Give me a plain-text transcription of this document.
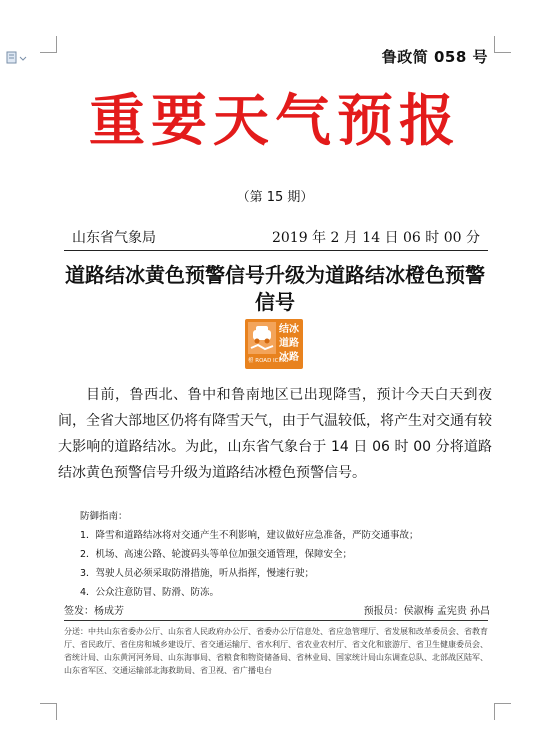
鲁政简 058 号
重要天气预报
（第 15 期）
山东省气象局	2019 年 2 月 14 日 06 时 00 分
道路结冰黄色预警信号升级为道路结冰橙色预警信号
结冰
道路
冰路
橙 ROAD ICING

目前，鲁西北、鲁中和鲁南地区已出现降雪，预计今天白天到夜间，全省大部地区仍将有降雪天气，由于气温较低，将产生对交通有较大影响的道路结冰。为此，山东省气象台于 14 日 06 时 00 分将道路结冰黄色预警信号升级为道路结冰橙色预警信号。

防御指南：
1．降雪和道路结冰将对交通产生不利影响，建议做好应急准备，严防交通事故；
2．机场、高速公路、轮渡码头等单位加强交通管理，保障安全；
3．驾驶人员必须采取防滑措施，听从指挥，慢速行驶；
4．公众注意防冒、防滑、防冻。
签发：杨成芳	预报员：侯淑梅 孟宪贵 孙昌
分送：中共山东省委办公厅、山东省人民政府办公厅、省委办公厅信息处、省应急管理厅、省发展和改革委员会、省教育厅、省民政厅、省住房和城乡建设厅、省交通运输厅、省水利厅、省农业农村厅、省文化和旅游厅、省卫生健康委员会、省统计局、山东黄河河务局、山东海事局、省粮食和物资储备局、省林业局、国家统计局山东调查总队、北部战区陆军、山东省军区、交通运输部北海救助局、省卫视、省广播电台
